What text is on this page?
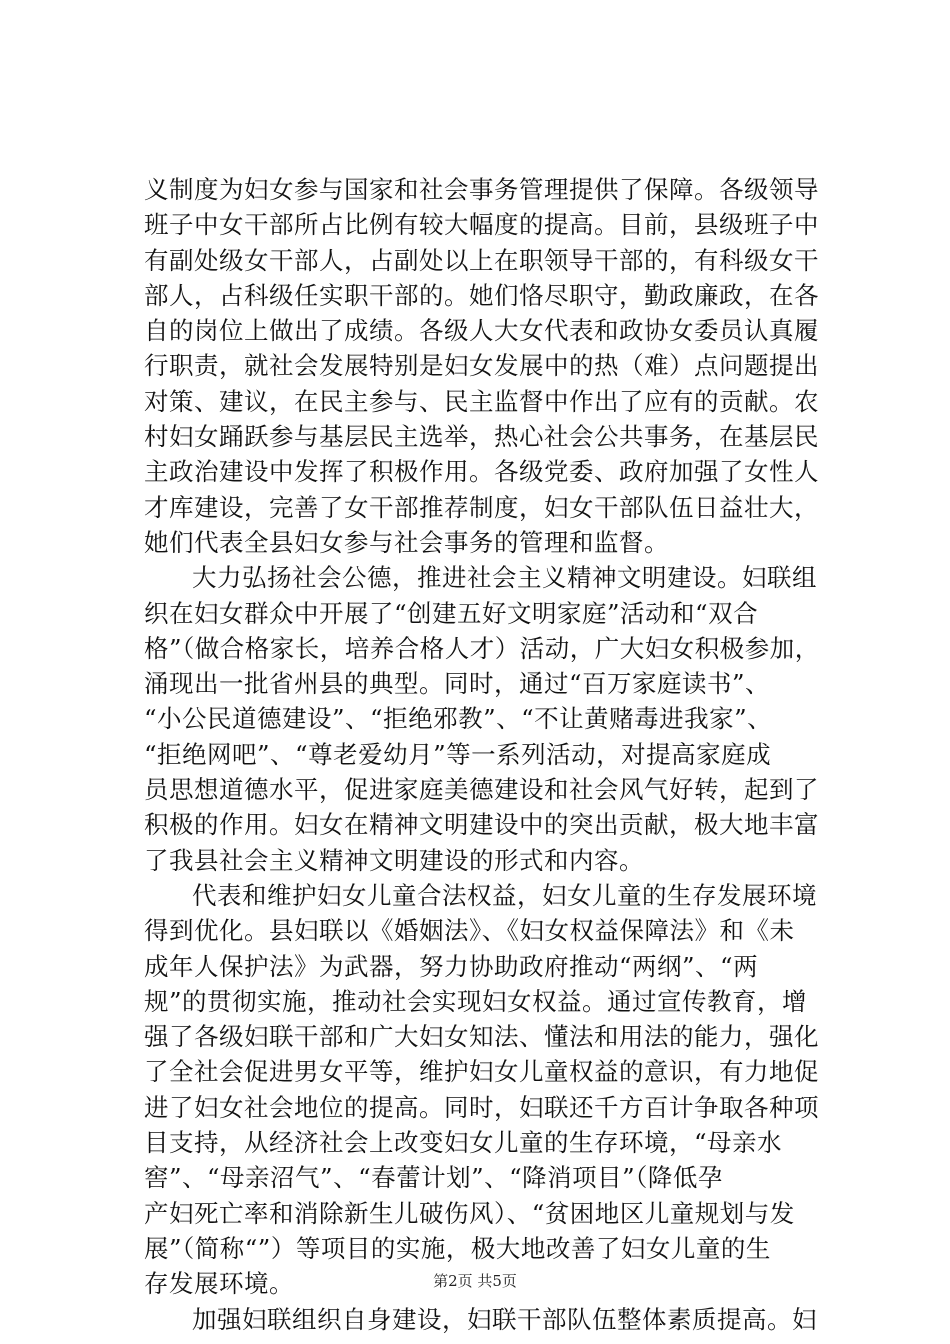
义制度为妇女参与国家和社会事务管理提供了保障。各级领导
班子中女干部所占比例有较大幅度的提高。目前，县级班子中
有副处级女干部人，占副处以上在职领导干部的，有科级女干
部人，占科级任实职干部的。她们恪尽职守，勤政廉政，在各
自的岗位上做出了成绩。各级人大女代表和政协女委员认真履
行职责，就社会发展特别是妇女发展中的热（难）点问题提出
对策、建议，在民主参与、民主监督中作出了应有的贡献。农
村妇女踊跃参与基层民主选举，热心社会公共事务，在基层民
主政治建设中发挥了积极作用。各级党委、政府加强了女性人
才库建设，完善了女干部推荐制度，妇女干部队伍日益壮大，
她们代表全县妇女参与社会事务的管理和监督。
大力弘扬社会公德，推进社会主义精神文明建设。妇联组
织在妇女群众中开展了“创建五好文明家庭”活动和“双合
格”（做合格家长，培养合格人才）活动，广大妇女积极参加，
涌现出一批省州县的典型。同时，通过“百万家庭读书”、
“小公民道德建设”、“拒绝邪教”、“不让黄赌毒进我家”、
“拒绝网吧”、“尊老爱幼月”等一系列活动，对提高家庭成
员思想道德水平，促进家庭美德建设和社会风气好转，起到了
积极的作用。妇女在精神文明建设中的突出贡献，极大地丰富
了我县社会主义精神文明建设的形式和内容。
代表和维护妇女儿童合法权益，妇女儿童的生存发展环境
得到优化。县妇联以《婚姻法》、《妇女权益保障法》和《未
成年人保护法》为武器，努力协助政府推动“两纲”、“两
规”的贯彻实施，推动社会实现妇女权益。通过宣传教育，增
强了各级妇联干部和广大妇女知法、懂法和用法的能力，强化
了全社会促进男女平等，维护妇女儿童权益的意识，有力地促
进了妇女社会地位的提高。同时，妇联还千方百计争取各种项
目支持，从经济社会上改变妇女儿童的生存环境，“母亲水
窖”、“母亲沼气”、“春蕾计划”、“降消项目”（降低孕
产妇死亡率和消除新生儿破伤风）、“贫困地区儿童规划与发
展”（简称“”）等项目的实施，极大地改善了妇女儿童的生
存发展环境。
加强妇联组织自身建设，妇联干部队伍整体素质提高。妇
第2页 共5页
